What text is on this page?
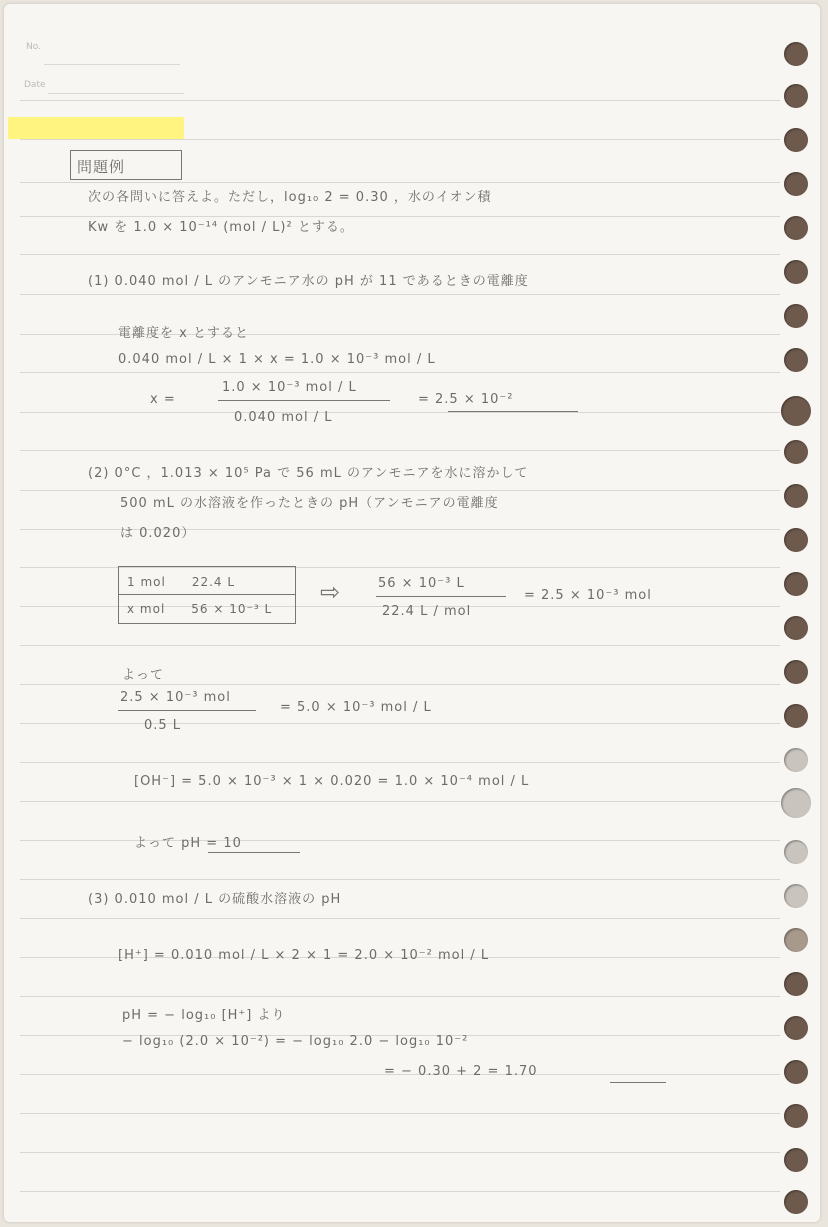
No.
Date
問題例
次の各問いに答えよ。ただし，log₁₀ 2 = 0.30 ，水のイオン積
Kw を 1.0 × 10⁻¹⁴ (mol / L)² とする。
(1) 0.040 mol / L のアンモニア水の pH が 11 であるときの電離度
電離度を x とすると
0.040 mol / L × 1 × x = 1.0 × 10⁻³ mol / L
x =
1.0 × 10⁻³ mol / L
0.040 mol / L
= 2.5 × 10⁻²
(2) 0°C ，1.013 × 10⁵ Pa で 56 mL のアンモニアを水に溶かして
500 mL の水溶液を作ったときの pH（アンモニアの電離度
は 0.020）
1 mol　　22.4 L
x mol　　56 × 10⁻³ L
⇨	56 × 10⁻³ L
22.4 L / mol
= 2.5 × 10⁻³ mol
よって
2.5 × 10⁻³ mol
0.5 L
= 5.0 × 10⁻³ mol / L
[OH⁻] = 5.0 × 10⁻³ × 1 × 0.020 = 1.0 × 10⁻⁴ mol / L
よって pH = 10
(3) 0.010 mol / L の硫酸水溶液の pH
[H⁺] = 0.010 mol / L × 2 × 1 = 2.0 × 10⁻² mol / L
pH = − log₁₀ [H⁺] より
− log₁₀ (2.0 × 10⁻²) = − log₁₀ 2.0 − log₁₀ 10⁻²
= − 0.30 + 2 = 1.70
